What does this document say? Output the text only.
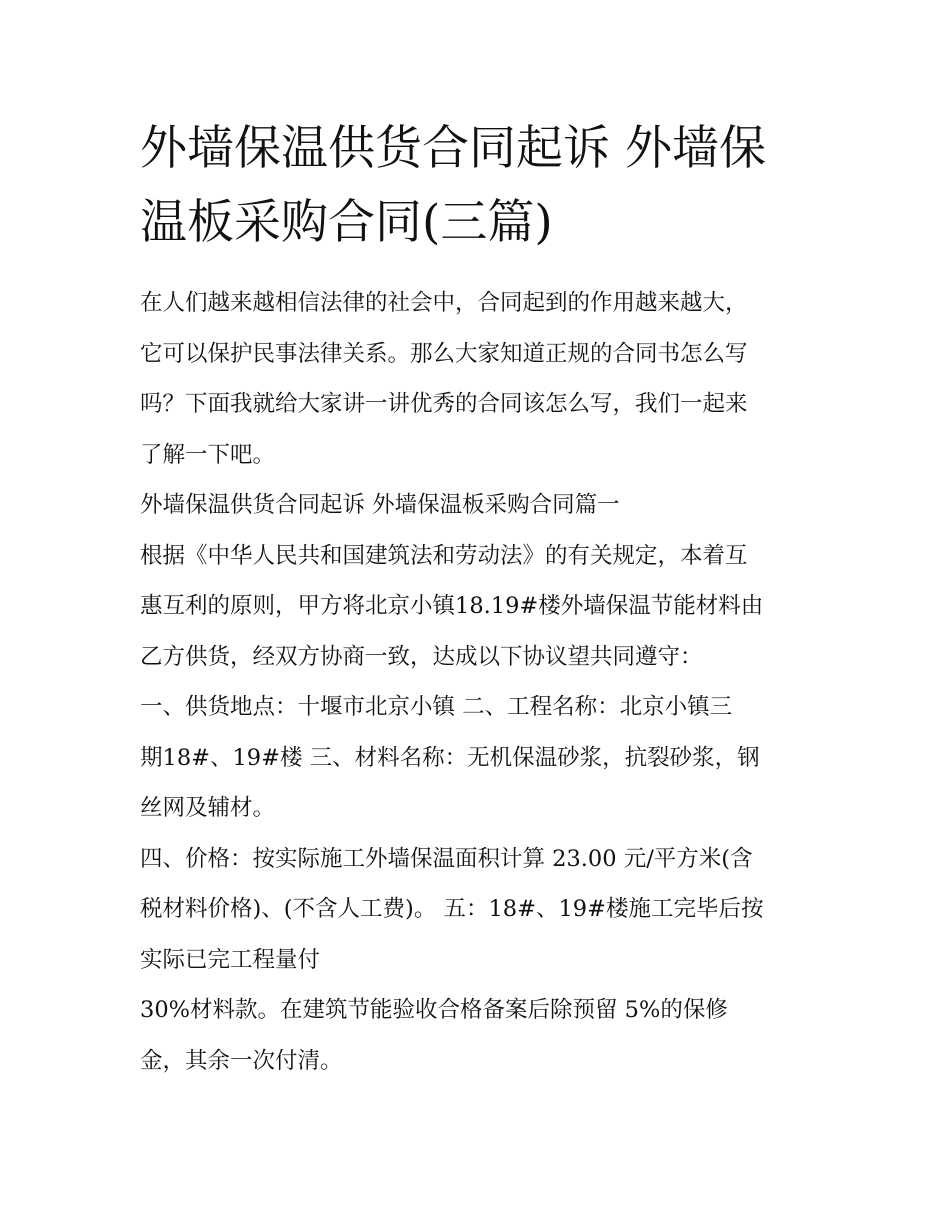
外墙保温供货合同起诉 外墙保
温板采购合同(三篇)

在人们越来越相信法律的社会中，合同起到的作用越来越大，
它可以保护民事法律关系。那么大家知道正规的合同书怎么写
吗？下面我就给大家讲一讲优秀的合同该怎么写，我们一起来
了解一下吧。

外墙保温供货合同起诉 外墙保温板采购合同篇一

根据《中华人民共和国建筑法和劳动法》的有关规定，本着互
惠互利的原则，甲方将北京小镇18.19#楼外墙保温节能材料由
乙方供货，经双方协商一致，达成以下协议望共同遵守：

一、供货地点：十堰市北京小镇 二、工程名称：北京小镇三
期18#、19#楼 三、材料名称：无机保温砂浆，抗裂砂浆，钢
丝网及辅材。

四、价格：按实际施工外墙保温面积计算 23.00 元/平方米(含
税材料价格)、(不含人工费)。 五：18#、19#楼施工完毕后按
实际已完工程量付

30%材料款。在建筑节能验收合格备案后除预留 5%的保修
金，其余一次付清。
